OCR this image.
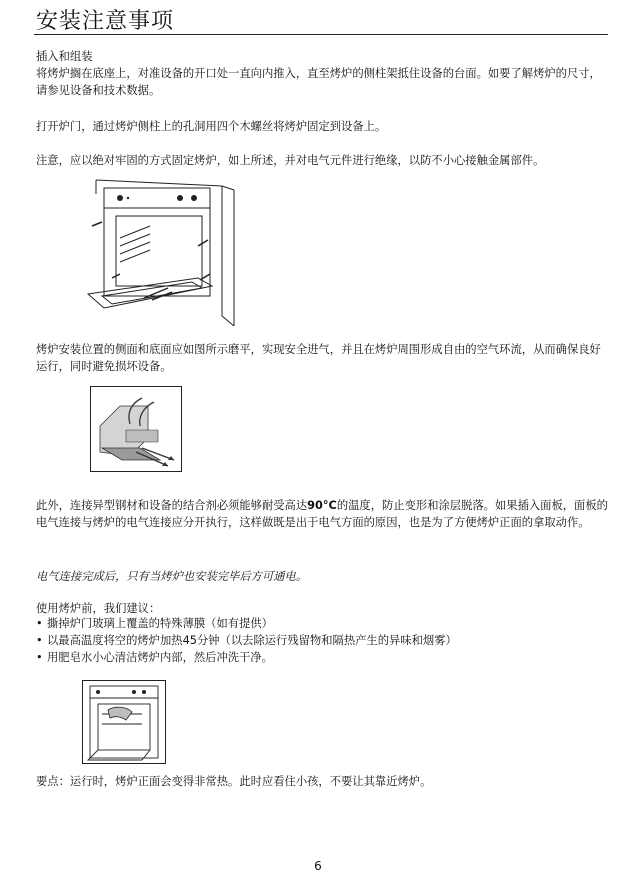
安装注意事项

插入和组装

将烤炉搁在底座上，对准设备的开口处一直向内推入，直至烤炉的侧柱架抵住设备的台面。如要了解烤炉的尺寸，请参见设备和技术数据。

打开炉门，通过烤炉侧柱上的孔洞用四个木螺丝将烤炉固定到设备上。

注意，应以绝对牢固的方式固定烤炉，如上所述，并对电气元件进行绝缘，以防不小心接触金属部件。

烤炉安装位置的侧面和底面应如图所示磨平，实现安全进气，并且在烤炉周围形成自由的空气环流，从而确保良好运行，同时避免损坏设备。

此外，连接异型钢材和设备的结合剂必须能够耐受高达90°C的温度，防止变形和涂层脱落。如果插入面板，面板的电气连接与烤炉的电气连接应分开执行，这样做既是出于电气方面的原因，也是为了方便烤炉正面的拿取动作。

电气连接完成后，只有当烤炉也安装完毕后方可通电。

使用烤炉前，我们建议：

• 撕掉炉门玻璃上覆盖的特殊薄膜（如有提供）
• 以最高温度将空的烤炉加热45分钟（以去除运行残留物和隔热产生的异味和烟雾）
• 用肥皂水小心清洁烤炉内部，然后冲洗干净。

要点：运行时，烤炉正面会变得非常热。此时应看住小孩，不要让其靠近烤炉。

6
